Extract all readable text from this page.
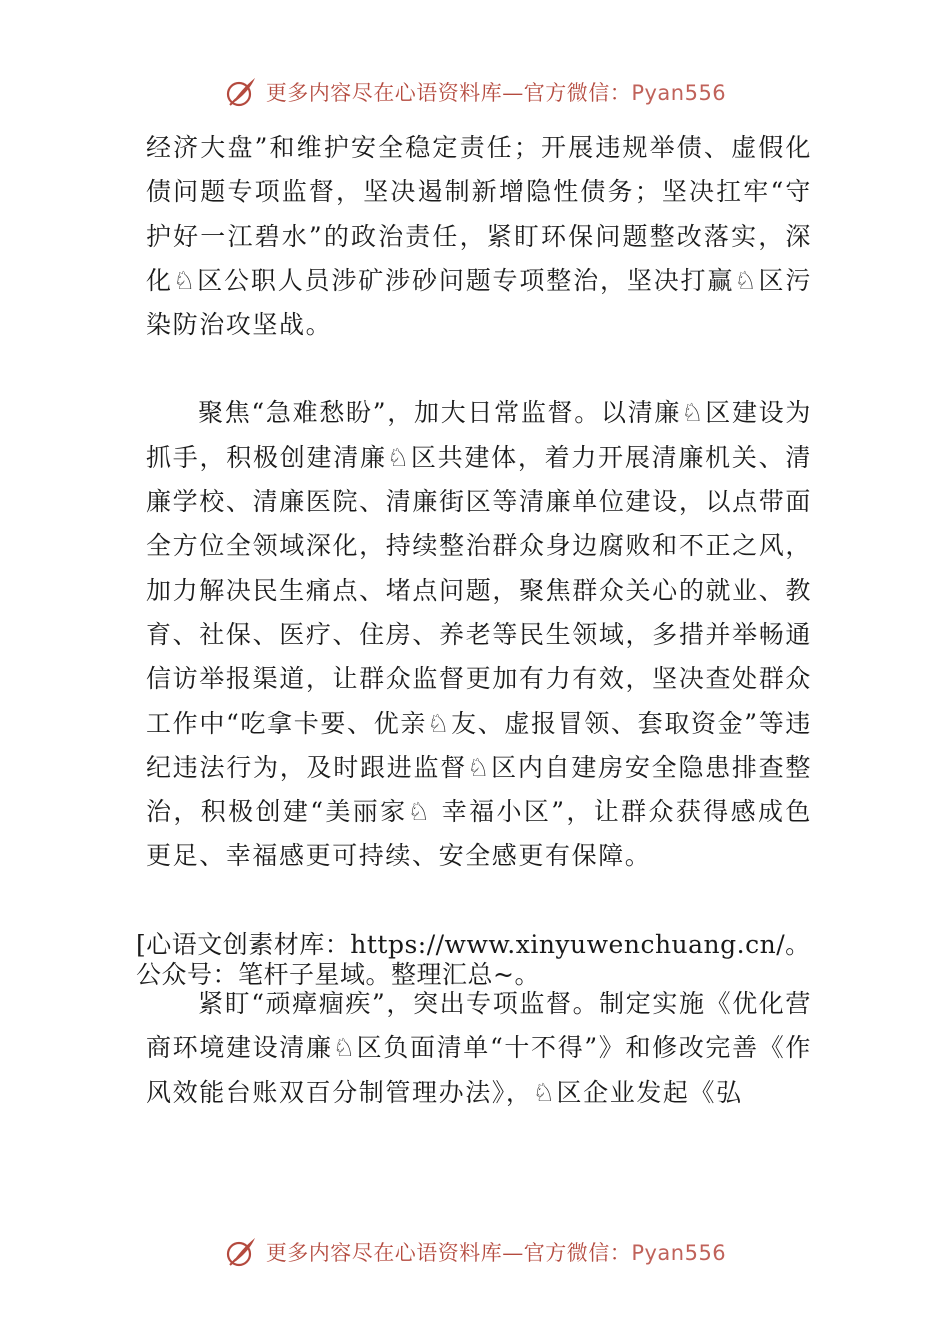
更多内容尽在心语资料库—官方微信：Pyan556

经济大盘”和维护安全稳定责任；开展违规举债、虚假化债问题专项监督，坚决遏制新增隐性债务；坚决扛牢“守护好一江碧水”的政治责任，紧盯环保问题整改落实，深化♘区公职人员涉矿涉砂问题专项整治，坚决打赢♘区污染防治攻坚战。

聚焦“急难愁盼”，加大日常监督。以清廉♘区建设为抓手，积极创建清廉♘区共建体，着力开展清廉机关、清廉学校、清廉医院、清廉街区等清廉单位建设，以点带面全方位全领域深化，持续整治群众身边腐败和不正之风，加力解决民生痛点、堵点问题，聚焦群众关心的就业、教育、社保、医疗、住房、养老等民生领域，多措并举畅通信访举报渠道，让群众监督更加有力有效，坚决查处群众工作中“吃拿卡要、优亲♘友、虚报冒领、套取资金”等违纪违法行为，及时跟进监督♘区内自建房安全隐患排查整治，积极创建“美丽家♘ 幸福小区”，让群众获得感成色更足、幸福感更可持续、安全感更有保障。

[心语文创素材库：https://www.xinyuwenchuang.cn/。公众号：笔杆子星域。整理汇总~。

紧盯“顽瘴痼疾”，突出专项监督。制定实施《优化营商环境建设清廉♘区负面清单“十不得”》和修改完善《作风效能台账双百分制管理办法》，♘区企业发起《弘

更多内容尽在心语资料库—官方微信：Pyan556
